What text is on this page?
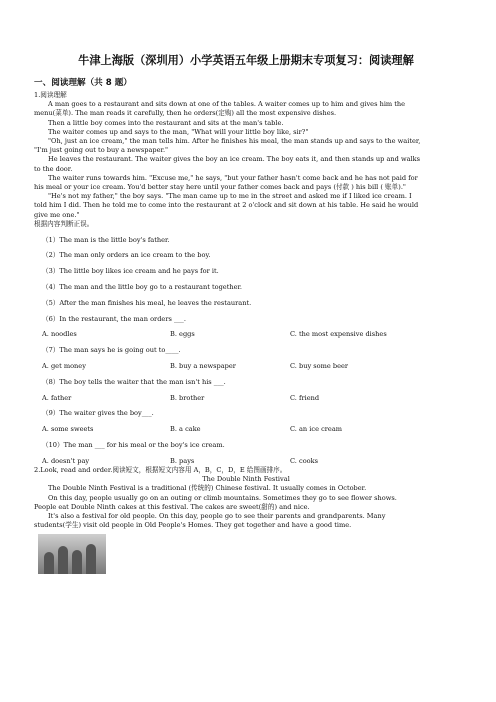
牛津上海版（深圳用）小学英语五年级上册期末专项复习：阅读理解

一、阅读理解（共 8 题）

1.阅读理解

A man goes to a restaurant and sits down at one of the tables. A waiter comes up to him and gives him the

menu(菜单). The man reads it carefully, then he orders(定购) all the most expensive dishes.

Then a little boy comes into the restaurant and sits at the man's table.

The waiter comes up and says to the man, "What will your little boy like, sir?"

"Oh, just an ice cream," the man tells him. After he finishes his meal, the man stands up and says to the waiter,

"I'm just going out to buy a newspaper."

He leaves the restaurant. The waiter gives the boy an ice cream. The boy eats it, and then stands up and walks

to the door.

The waiter runs towards him. "Excuse me," he says, "but your father hasn't come back and he has not paid for

his meal or your ice cream. You'd better stay here until your father comes back and pays (付款 ) his bill ( 账单)."

"He's not my father," the boy says. "The man came up to me in the street and asked me if I liked ice cream. I

told him I did. Then he told me to come into the restaurant at 2 o'clock and sit down at his table. He said he would

give me one."

根据内容判断正误。

（1）The man is the little boy's father.

（2）The man only orders an ice cream to the boy.

（3）The little boy likes ice cream and he pays for it.

（4）The man and the little boy go to a restaurant together.

（5）After the man finishes his meal, he leaves the restaurant.

（6）In the restaurant, the man orders ___.

A. noodles	B. eggs	C. the most expensive dishes

（7）The man says he is going out to____.

A. get money	B. buy a newspaper	C. buy some beer

（8）The boy tells the waiter that the man isn't his ___.

A. father	B. brother	C. friend

（9）The waiter gives the boy___.

A. some sweets	B. a cake	C. an ice cream

（10）The man ___ for his meal or the boy's ice cream.

A. doesn't pay	B. pays	C. cooks

2.Look, read and order.阅读短文，根据短文内容用 A，B，C，D，E 给图画排序。

The Double Ninth Festival

The Double Ninth Festival is a traditional (传统的) Chinese festival. It usually comes in October.

On this day, people usually go on an outing or climb mountains. Sometimes they go to see flower shows.

People eat Double Ninth cakes at this festival. The cakes are sweet(甜的) and nice.

It's also a festival for old people. On this day, people go to see their parents and grandparents. Many

students(学生) visit old people in Old People's Homes. They get together and have a good time.
